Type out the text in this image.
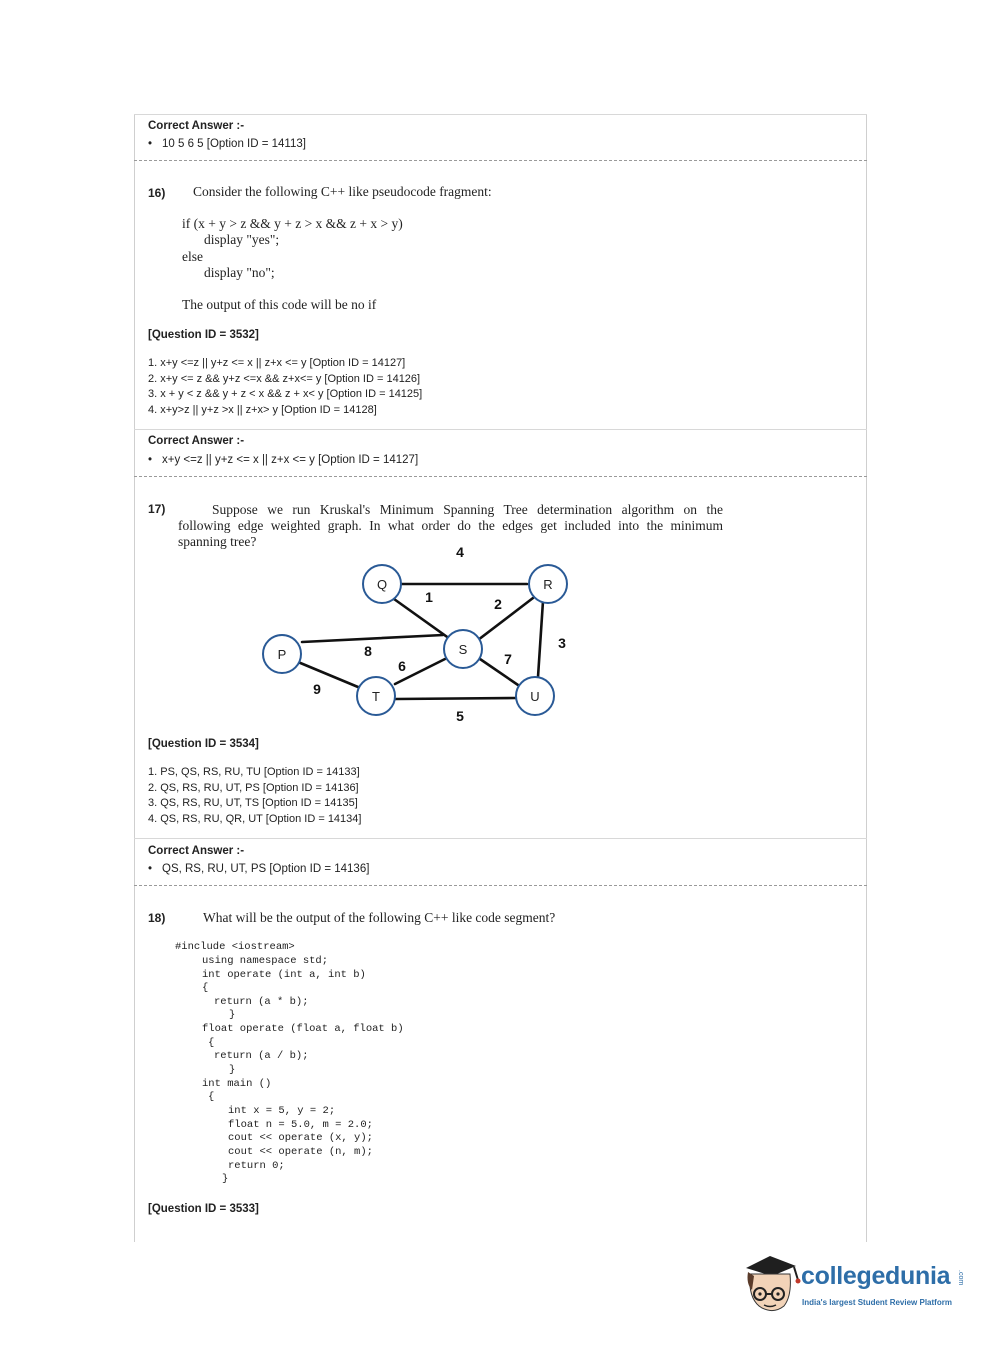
Correct Answer :-
• 10 5 6 5 [Option ID = 14113]
16) Consider the following C++ like pseudocode fragment:
if (x + y > z && y + z > x && z + x > y)
display "yes";
else
display "no";
The output of this code will be no if
[Question ID = 3532]
1. x+y <=z || y+z <= x || z+x <= y [Option ID = 14127]
2. x+y <= z && y+z <=x && z+x<= y [Option ID = 14126]
3. x + y < z && y + z < x && z + x< y [Option ID = 14125]
4. x+y>z || y+z >x || z+x> y [Option ID = 14128]
Correct Answer :-
• x+y <=z || y+z <= x || z+x <= y [Option ID = 14127]
17)	Suppose we run Kruskal's Minimum Spanning Tree determination algorithm on the
following edge weighted graph. In what order do the edges get included into the minimum
spanning tree?
Q	R
P	S
T	U
4
1	2
3
8
6
9
7
5
[Question ID = 3534]
1. PS, QS, RS, RU, TU [Option ID = 14133]
2. QS, RS, RU, UT, PS [Option ID = 14136]
3. QS, RS, RU, UT, TS [Option ID = 14135]
4. QS, RS, RU, QR, UT [Option ID = 14134]
Correct Answer :-
• QS, RS, RU, UT, PS [Option ID = 14136]
18)	What will be the output of the following C++ like code segment?
#include <iostream>
using namespace std;
int operate (int a, int b)
{
return (a * b);
}
float operate (float a, float b)
{
return (a / b);
}
int main ()
{
int x = 5, y = 2;
float n = 5.0, m = 2.0;
cout << operate (x, y);
cout << operate (n, m);
return 0;
}
[Question ID = 3533]
collegedunia .com
India's largest Student Review Platform
